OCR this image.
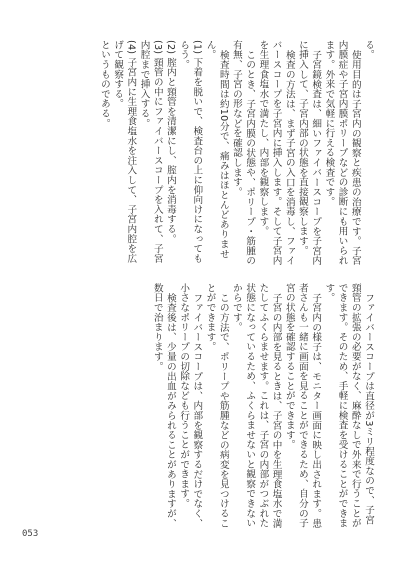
る。

使用目的は子宮内の観察と疾患の治療です。子宮内膜症や子宮内膜ポリープなどの診断にも用いられます。外来で気軽に行える検査です。

子宮鏡検査は、細いファイバースコープを子宮内に挿入して、子宮内部の状態を直接観察します。

検査の方法は、まず子宮の入口を消毒し、ファイバースコープを子宮内に挿入します。そして子宮内を生理食塩水で満たし、内部を観察します。

このとき、子宮内膜の状態や、ポリープ・筋腫の有無、子宮の形などを確認します。

検査時間は約10分で、痛みはほとんどありません。

(1) 下着を脱いで、検査台の上に仰向けになってもらう。

(2) 腟内と頸管を清潔にし、腟内を消毒する。

(3) 頸管の中にファイバースコープを入れて、子宮内腔まで挿入する。

(4) 子宮内に生理食塩水を注入して、子宮内腔を広げて観察する。

というものである。

ファイバースコープは直径が3ミリ程度なので、子宮頸管の拡張の必要がなく、麻酔なしで外来で行うことができます。そのため、手軽に検査を受けることができます。

子宮内の様子は、モニター画面に映し出されます。患者さんも一緒に画面を見ることができるため、自分の子宮の状態を確認することができます。

子宮の内部を見るときは、子宮の中を生理食塩水で満たしてふくらませます。これは、子宮の内部がつぶれた状態になっているため、ふくらませないと観察できないからです。

この方法で、ポリープや筋腫などの病変を見つけることができます。

ファイバースコープは、内部を観察するだけでなく、小さなポリープの切除なども行うことができます。

検査後は、少量の出血がみられることがありますが、数日で治まります。

053
